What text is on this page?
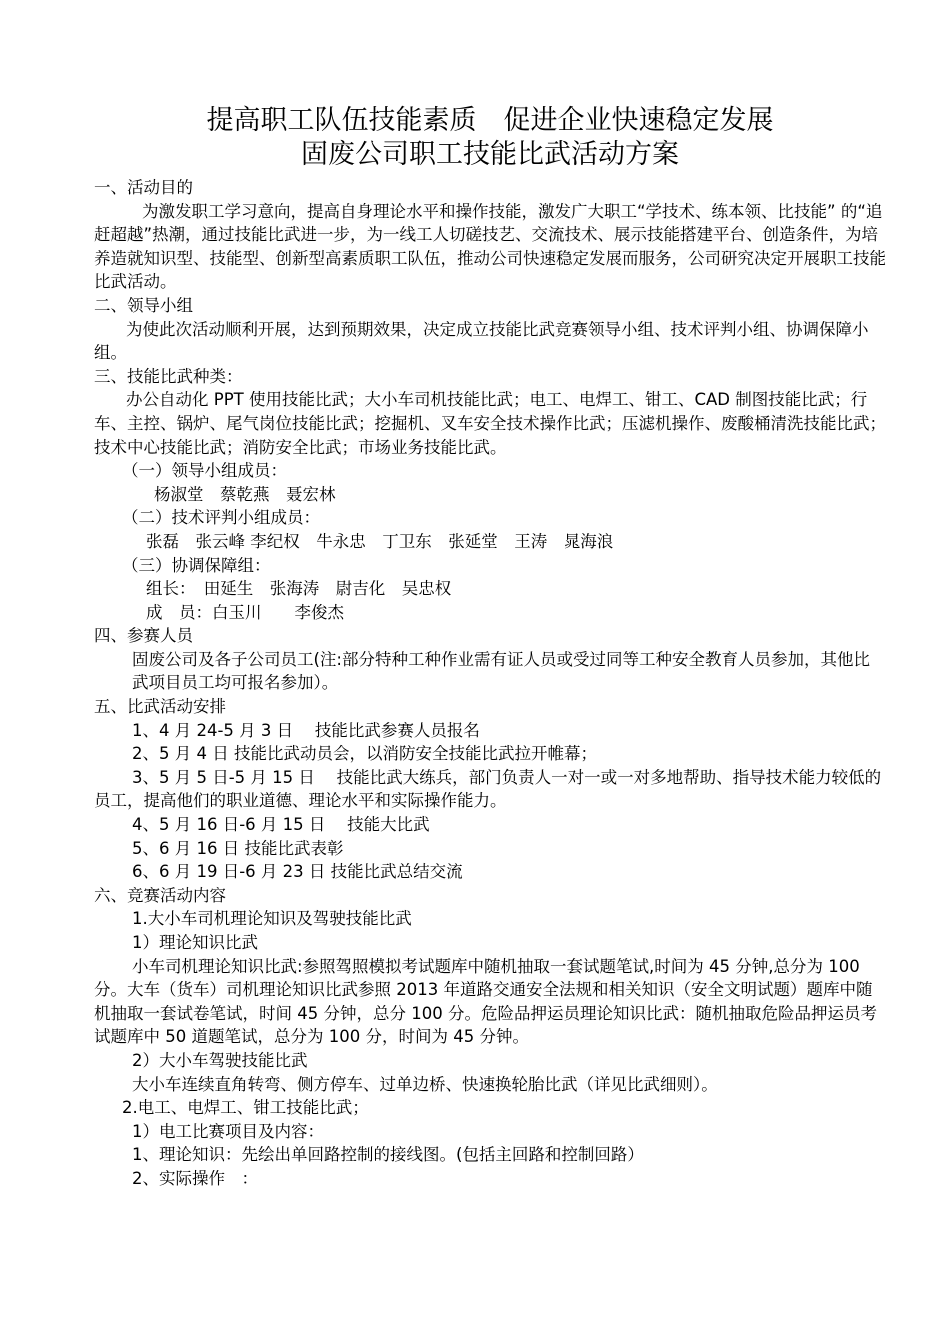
提高职工队伍技能素质　促进企业快速稳定发展
固废公司职工技能比武活动方案

一、活动目的

为激发职工学习意向，提高自身理论水平和操作技能，激发广大职工“学技术、练本领、比技能” 的“追赶超越”热潮，通过技能比武进一步，为一线工人切磋技艺、交流技术、展示技能搭建平台、创造条件，为培养造就知识型、技能型、创新型高素质职工队伍，推动公司快速稳定发展而服务，公司研究决定开展职工技能比武活动。

二、领导小组

为使此次活动顺利开展，达到预期效果，决定成立技能比武竞赛领导小组、技术评判小组、协调保障小组。

三、技能比武种类：

办公自动化 PPT 使用技能比武；大小车司机技能比武；电工、电焊工、钳工、CAD 制图技能比武；行车、主控、锅炉、尾气岗位技能比武；挖掘机、叉车安全技术操作比武；压滤机操作、废酸桶清洗技能比武；技术中心技能比武；消防安全比武；市场业务技能比武。

（一）领导小组成员：

杨淑堂　蔡乾燕　聂宏林

（二）技术评判小组成员：

张磊　张云峰 李纪权　牛永忠　丁卫东　张延堂　王涛　晁海浪

（三）协调保障组：

组长：　田延生　张海涛　尉吉化　吴忠权

成　员：白玉川　　李俊杰

四、参赛人员

固废公司及各子公司员工(注:部分特种工种作业需有证人员或受过同等工种安全教育人员参加，其他比武项目员工均可报名参加）。

五、比武活动安排

1、4 月 24-5 月 3 日　 技能比武参赛人员报名

2、5 月 4 日 技能比武动员会，以消防安全技能比武拉开帷幕；

3、5 月 5 日-5 月 15 日　 技能比武大练兵，部门负责人一对一或一对多地帮助、指导技术能力较低的员工，提高他们的职业道德、理论水平和实际操作能力。

4、5 月 16 日-6 月 15 日　 技能大比武

5、6 月 16 日 技能比武表彰

6、6 月 19 日-6 月 23 日 技能比武总结交流

六、竞赛活动内容

1.大小车司机理论知识及驾驶技能比武

1）理论知识比武

小车司机理论知识比武:参照驾照模拟考试题库中随机抽取一套试题笔试,时间为 45 分钟,总分为 100 分。大车（货车）司机理论知识比武参照 2013 年道路交通安全法规和相关知识（安全文明试题）题库中随机抽取一套试卷笔试，时间 45 分钟，总分 100 分。危险品押运员理论知识比武：随机抽取危险品押运员考试题库中 50 道题笔试，总分为 100 分，时间为 45 分钟。

2）大小车驾驶技能比武

大小车连续直角转弯、侧方停车、过单边桥、快速换轮胎比武（详见比武细则）。

2.电工、电焊工、钳工技能比武；

1）电工比赛项目及内容：

1、理论知识：先绘出单回路控制的接线图。(包括主回路和控制回路）

2、实际操作　：
